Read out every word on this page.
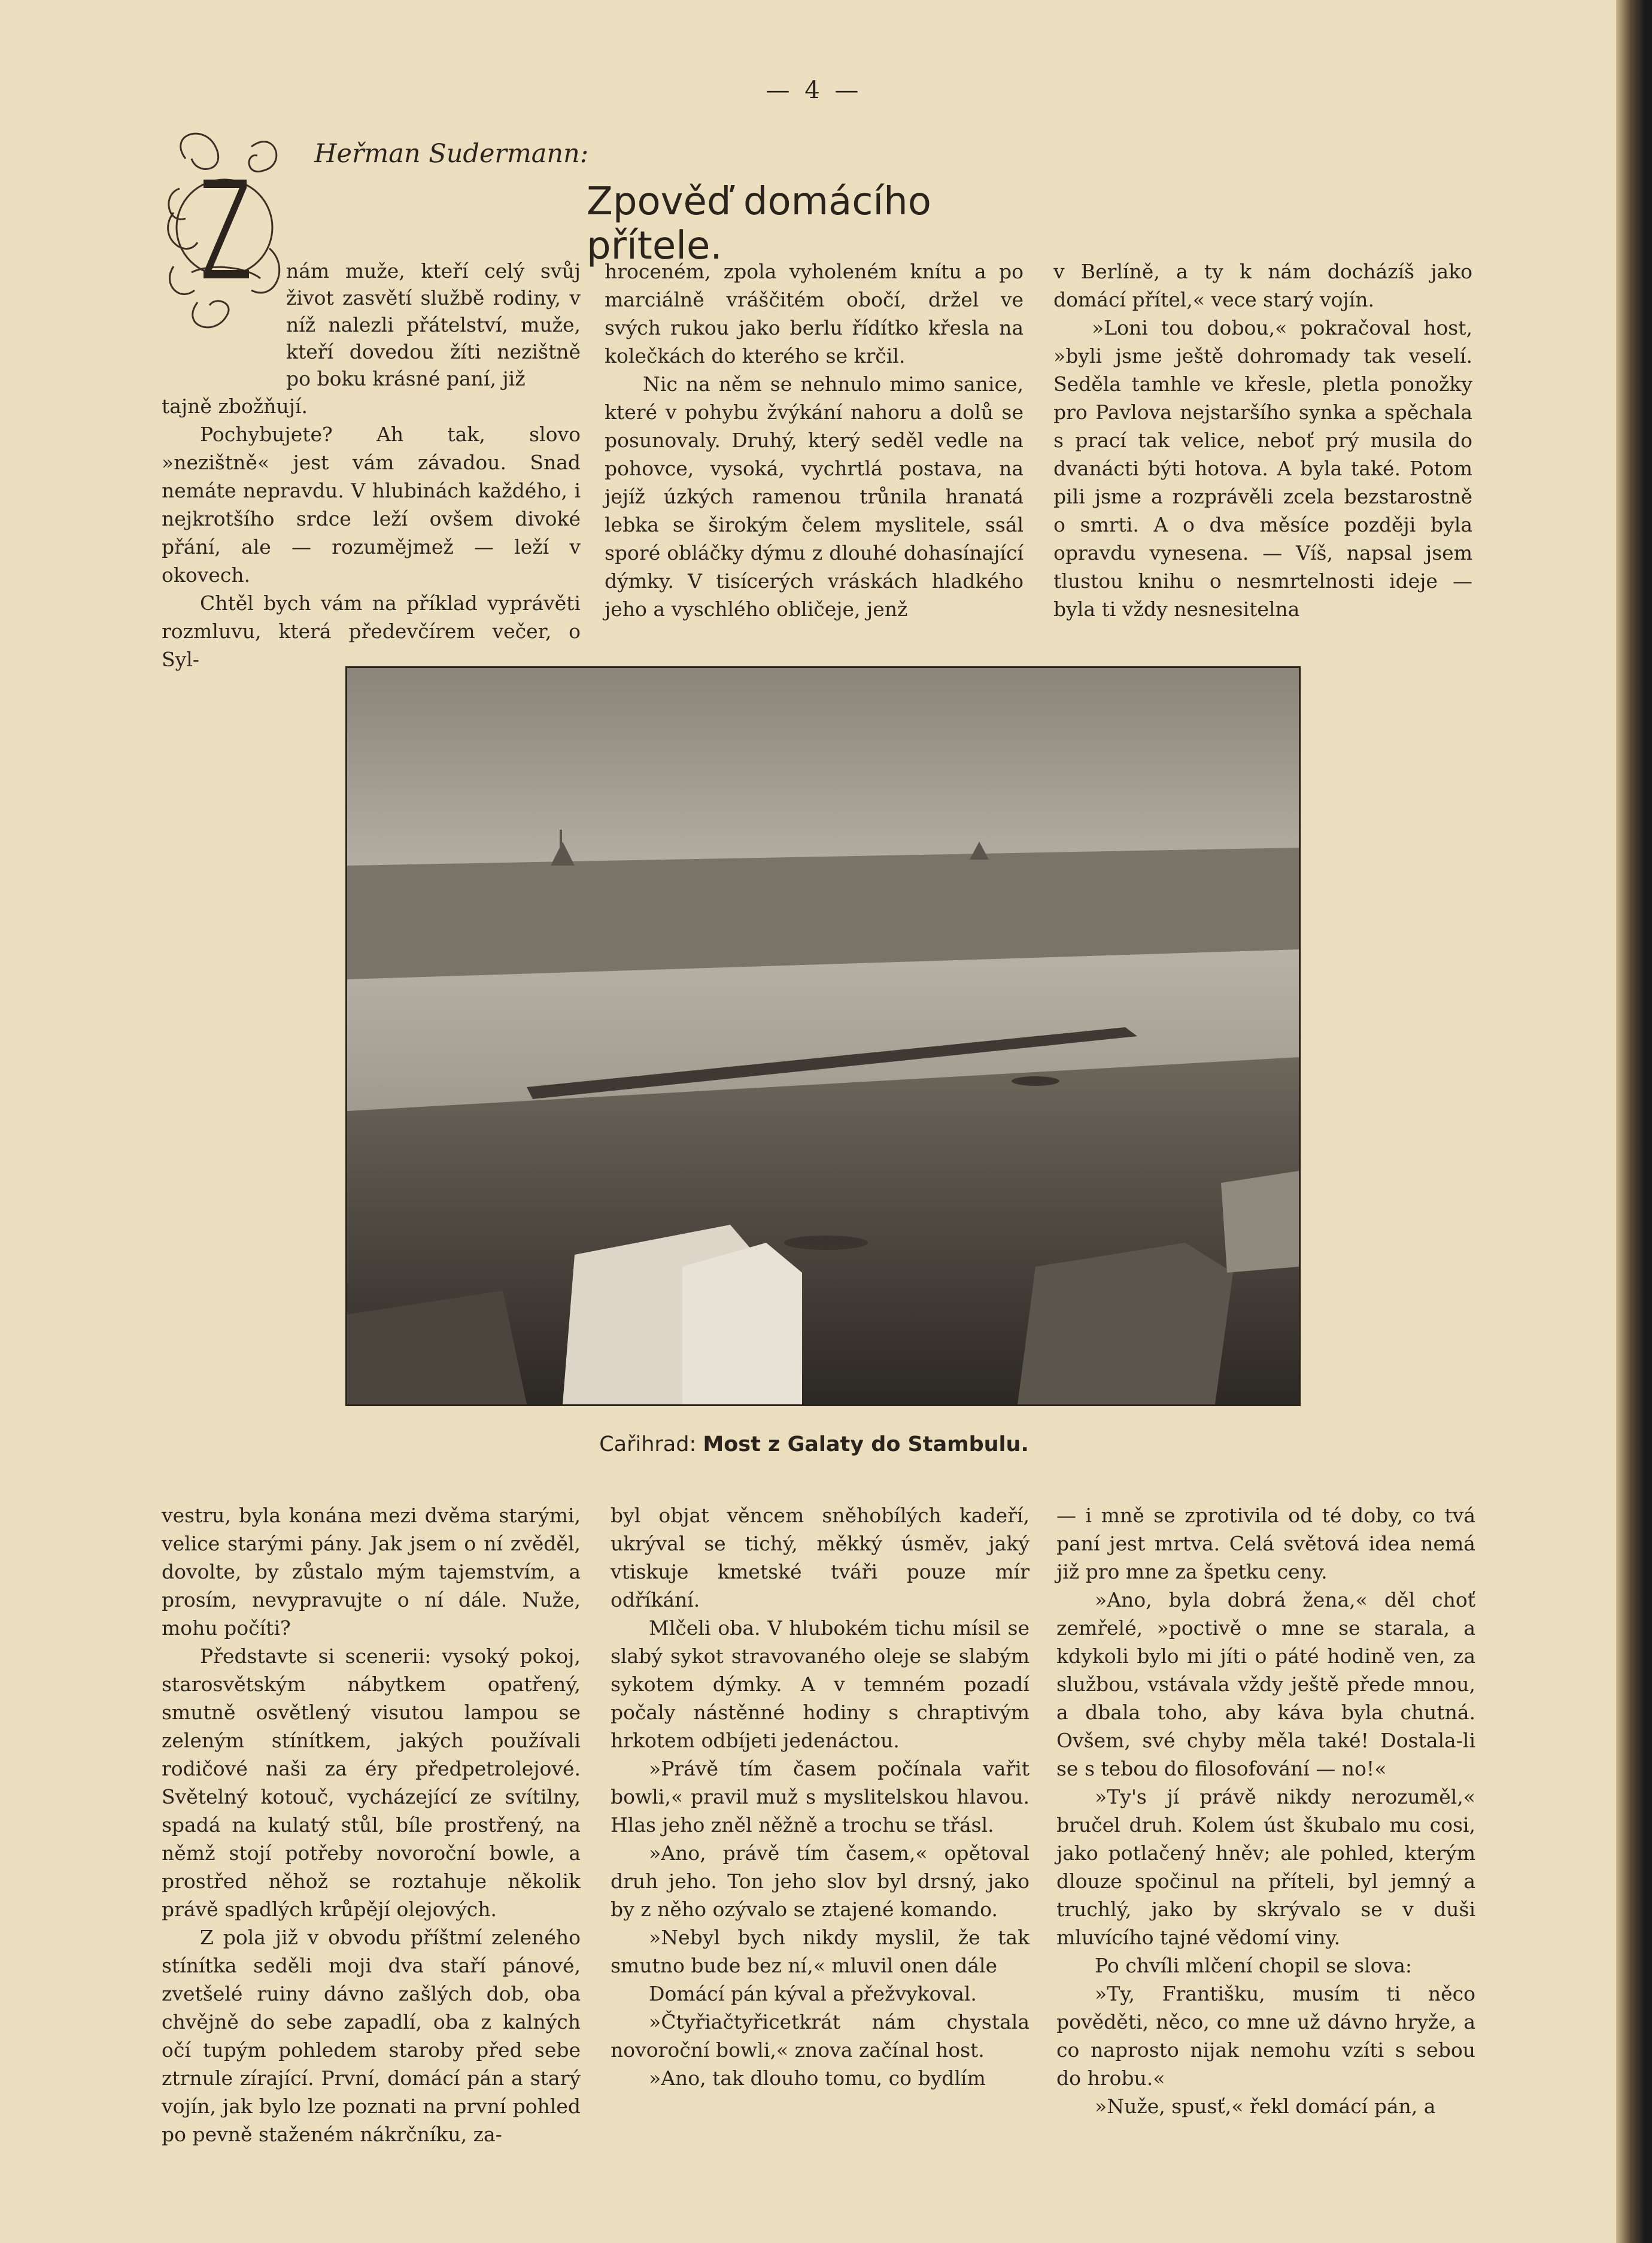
— 4 —
Heřman Sudermann:
Zpověď domácího přítele.

nám muže, kteří celý svůj život zasvětí službě rodiny, v níž nalezli přátelství, muže, kteří dovedou žíti nezištně po boku krásné paní, již

tajně zbožňují.

Pochybujete? Ah tak, slovo »nezištně« jest vám závadou. Snad nemáte nepravdu. V hlubinách každého, i nejkrotšího srdce leží ovšem divoké přání, ale — rozumějmež — leží v okovech.

Chtěl bych vám na příklad vyprávěti rozmluvu, která předevčírem večer, o Syl-

hroceném, zpola vyholeném knítu a po marciálně vráščitém obočí, držel ve svých rukou jako berlu řídítko křesla na kolečkách do kterého se krčil.

Nic na něm se nehnulo mimo sanice, které v pohybu žvýkání nahoru a dolů se posunovaly. Druhý, který seděl vedle na pohovce, vysoká, vychrtlá postava, na jejíž úzkých ramenou trůnila hranatá lebka se širokým čelem myslitele, ssál sporé obláčky dýmu z dlouhé dohasínající dýmky. V tisícerých vráskách hladkého jeho a vyschlého obličeje, jenž

v Berlíně, a ty k nám docházíš jako domácí přítel,« vece starý vojín.

»Loni tou dobou,« pokračoval host, »byli jsme ještě dohromady tak veselí. Seděla tamhle ve křesle, pletla ponožky pro Pavlova nejstaršího synka a spěchala s prací tak velice, neboť prý musila do dvanácti býti hotova. A byla také. Potom pili jsme a rozprávěli zcela bezstarostně o smrti. A o dva měsíce později byla opravdu vynesena. — Víš, napsal jsem tlustou knihu o nesmrtelnosti ideje — byla ti vždy nesnesitelna

Cařihrad: Most z Galaty do Stambulu.

vestru, byla konána mezi dvěma starými, velice starými pány. Jak jsem o ní zvěděl, dovolte, by zůstalo mým tajemstvím, a prosím, nevypravujte o ní dále. Nuže, mohu počíti?

Představte si scenerii: vysoký pokoj, starosvětským nábytkem opatřený, smutně osvětlený visutou lampou se zeleným stínítkem, jakých používali rodičové naši za éry předpetrolejové. Světelný kotouč, vycházející ze svítilny, spadá na kulatý stůl, bíle prostřený, na němž stojí potřeby novoroční bowle, a prostřed něhož se roztahuje několik právě spadlých krůpějí olejových.

Z pola již v obvodu příštmí zeleného stínítka seděli moji dva staří pánové, zvetšelé ruiny dávno zašlých dob, oba chvějně do sebe zapadlí, oba z kalných očí tupým pohledem staroby před sebe ztrnule zírající. První, domácí pán a starý vojín, jak bylo lze poznati na první pohled po pevně staženém nákrčníku, za-

byl objat věncem sněhobílých kadeří, ukrýval se tichý, měkký úsměv, jaký vtiskuje kmetské tváři pouze mír odříkání.

Mlčeli oba. V hlubokém tichu mísil se slabý sykot stravovaného oleje se slabým sykotem dýmky. A v temném pozadí počaly nástěnné hodiny s chraptivým hrkotem odbíjeti jedenáctou.

»Právě tím časem počínala vařit bowli,« pravil muž s myslitelskou hlavou. Hlas jeho zněl něžně a trochu se třásl.

»Ano, právě tím časem,« opětoval druh jeho. Ton jeho slov byl drsný, jako by z něho ozývalo se ztajené komando.

»Nebyl bych nikdy myslil, že tak smutno bude bez ní,« mluvil onen dále

Domácí pán kýval a přežvykoval.

»Čtyřiačtyřicetkrát nám chystala novoroční bowli,« znova začínal host.

»Ano, tak dlouho tomu, co bydlím

— i mně se zprotivila od té doby, co tvá paní jest mrtva. Celá světová idea nemá již pro mne za špetku ceny.

»Ano, byla dobrá žena,« děl choť zemřelé, »poctivě o mne se starala, a kdykoli bylo mi jíti o páté hodině ven, za službou, vstávala vždy ještě přede mnou, a dbala toho, aby káva byla chutná. Ovšem, své chyby měla také! Dostala-li se s tebou do filosofování — no!«

»Ty's jí právě nikdy nerozuměl,« bručel druh. Kolem úst škubalo mu cosi, jako potlačený hněv; ale pohled, kterým dlouze spočinul na příteli, byl jemný a truchlý, jako by skrývalo se v duši mluvícího tajné vědomí viny.

Po chvíli mlčení chopil se slova:

»Ty, Františku, musím ti něco pověděti, něco, co mne už dávno hryže, a co naprosto nijak nemohu vzíti s sebou do hrobu.«

»Nuže, spusť,« řekl domácí pán, a
